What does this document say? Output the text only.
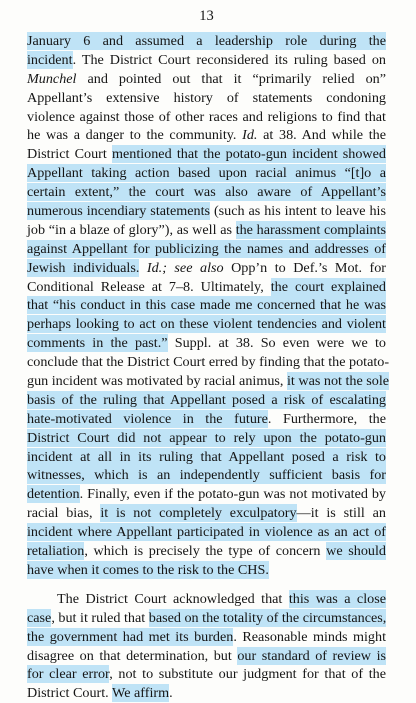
13
January 6 and assumed a leadership role during the
incident. The District Court reconsidered its ruling based on
Munchel and pointed out that it “primarily relied on”
Appellant’s extensive history of statements condoning
violence against those of other races and religions to find that
he was a danger to the community. Id. at 38. And while the
District Court mentioned that the potato-gun incident showed
Appellant taking action based upon racial animus “[t]o a
certain extent,” the court was also aware of Appellant’s
numerous incendiary statements (such as his intent to leave his
job “in a blaze of glory”), as well as the harassment complaints
against Appellant for publicizing the names and addresses of
Jewish individuals. Id.; see also Opp’n to Def.’s Mot. for
Conditional Release at 7–8. Ultimately, the court explained
that “his conduct in this case made me concerned that he was
perhaps looking to act on these violent tendencies and violent
comments in the past.” Suppl. at 38. So even were we to
conclude that the District Court erred by finding that the potato-
gun incident was motivated by racial animus, it was not the sole
basis of the ruling that Appellant posed a risk of escalating
hate-motivated violence in the future. Furthermore, the
District Court did not appear to rely upon the potato-gun
incident at all in its ruling that Appellant posed a risk to
witnesses, which is an independently sufficient basis for
detention. Finally, even if the potato-gun was not motivated by
racial bias, it is not completely exculpatory—it is still an
incident where Appellant participated in violence as an act of
retaliation, which is precisely the type of concern we should
have when it comes to the risk to the CHS.
The District Court acknowledged that this was a close
case, but it ruled that based on the totality of the circumstances,
the government had met its burden. Reasonable minds might
disagree on that determination, but our standard of review is
for clear error, not to substitute our judgment for that of the
District Court. We affirm.
